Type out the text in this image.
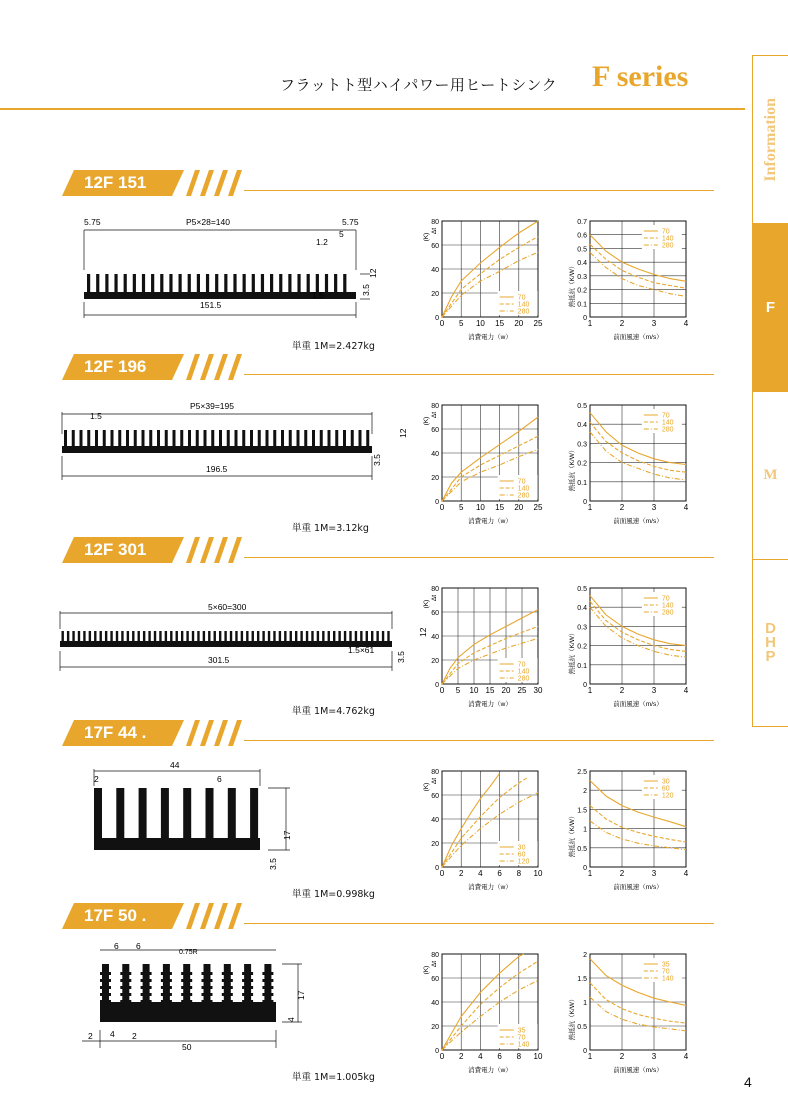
フラットト型ハイパワー用ヒートシンク F series
Information
F
M
DHP
12F 151
5.75	P5×28=140	5.75
1.2
5
12
3.5
1.5
151.5
単重 1M=2.427kg
0 5 10 15 20 25
0
20
40
60
80
消費電力（w）
(K)
Δt
70
140
280
1	2	3	4
0
0.1
0.2
0.3
0.4
0.5
0.6
0.7
前面風速（m/s）
熱抵抗（K/W）
70
140
280
12F 196
P5×39=195
1.5
12
3.5
196.5
単重 1M=3.12kg
0 5 10 15 20 25
0
20
40
60
80
消費電力（w）
(K)
Δt
70
140
280
1	2	3	4
0
0.1
0.2
0.3
0.4
0.5
前面風速（m/s）
熱抵抗（K/W）
70
140
280
12F 301
5×60=300
1.5×61
12
3.5
301.5
単重 1M=4.762kg
0 5 10 15 20 25 30
0
20
40
60
80
消費電力（w）
(K)
Δt
70
140
280
1	2	3	4
0
0.1
0.2
0.3
0.4
0.5
前面風速（m/s）
熱抵抗（K/W）
70
140
280
17F 44 .
44
2	6
17
3.5
単重 1M=0.998kg
0 2 4 6 8 10
0
20
40
60
80
消費電力（w）
(K)
Δt
30
60
120
1	2	3	4
0
0.5
1
1.5
2
2.5
前面風速（m/s）
熱抵抗（K/W）
30
60
120
17F 50 .
6 6
0.75R
17
4
2 4 2
50
単重 1M=1.005kg
0 2 4 6 8 10
0
20
40
60
80
消費電力（w）
(K)
Δt
35
70
140
1	2	3	4
0
0.5
1
1.5
2
前面風速（m/s）
熱抵抗（K/W）
35
70
140
4
